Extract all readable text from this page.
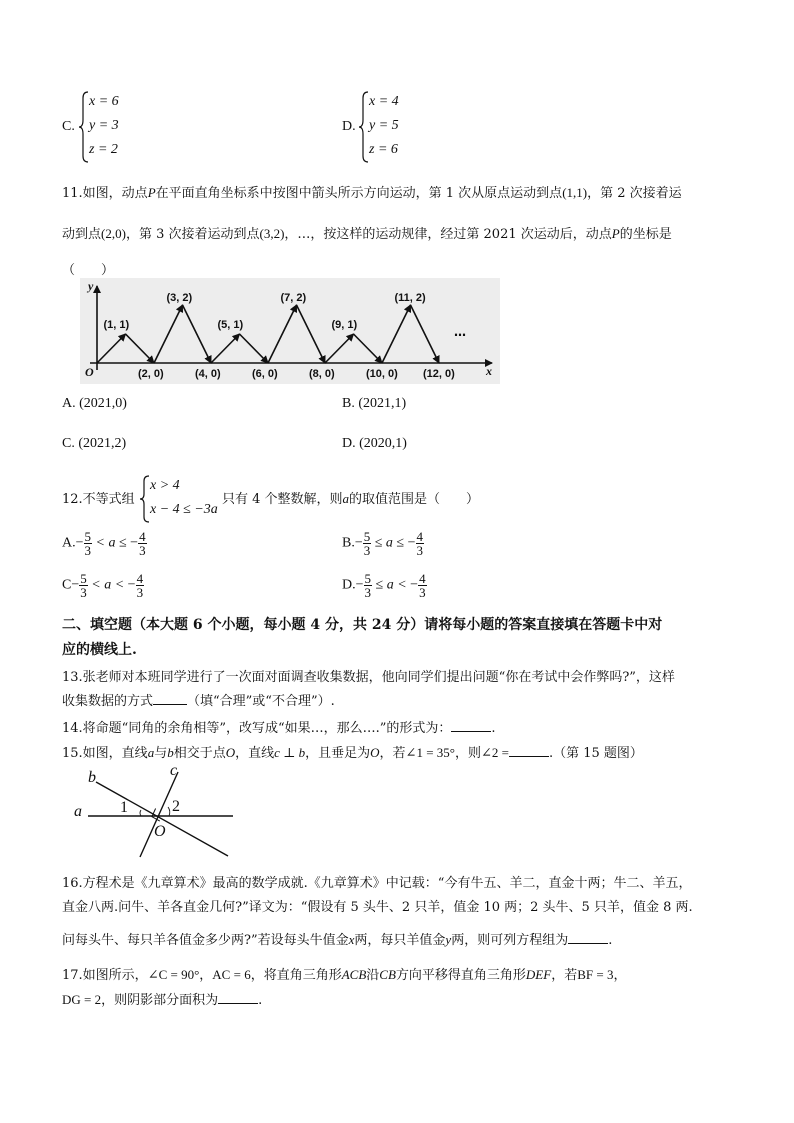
C.
x = 6
y = 3
z = 2
D.
x = 4
y = 5
z = 6
11.如图，动点P在平面直角坐标系中按图中箭头所示方向运动，第 1 次从原点运动到点(1,1)，第 2 次接着运
动到点(2,0)，第 3 次接着运动到点(3,2)，…，按这样的运动规律，经过第 2021 次运动后，动点P的坐标是
（　　）
y
x
O
…
(1, 1)
(3, 2)
(5, 1)
(7, 2)
(9, 1)
(11, 2)
(2, 0)	(4, 0)	(6, 0)	(8, 0)	(10, 0) (12, 0)
A. (2021,0)	B. (2021,1)
C. (2021,2)	D. (2020,1)
12.不等式组
x > 4
x − 4 ≤ −3a
只有 4 个整数解，则a的取值范围是（　　）
$A.- \frac{5}{3} < a$ ≤ − $\frac{4}{3}$	$B.- \frac{5}{3} \le a$ ≤ − $\frac{4}{3}$
$C- \frac{5}{3} < a$ < − $\frac{4}{3}$	$D.- \frac{5}{3} \le a$ < − $\frac{4}{3}$
二、填空题（本大题 6 个小题，每小题 4 分，共 24 分）请将每小题的答案直接填在答题卡中对
应的横线上.
13.张老师对本班同学进行了一次面对面调查收集数据，他向同学们提出问题“你在考试中会作弊吗?”，这样
收集数据的方式	（填“合理”或“不合理”）.
14.将命题“同角的余角相等”，改写成“如果…，那么….”的形式为：	.
15.如图，直线a与b相交于点O，直线c ⊥ b，且垂足为O，若∠1 = 35°，则∠2 =	.（第 15 题图）
b	c
a 1	2
O
16.方程术是《九章算术》最高的数学成就.《九章算术》中记载：“今有牛五、羊二，直金十两；牛二、羊五，
直金八两.问牛、羊各直金几何?”译文为：“假设有 5 头牛、2 只羊，值金 10 两；2 头牛、5 只羊，值金 8 两.
问每头牛、每只羊各值金多少两?”若设每头牛值金x两，每只羊值金y两，则可列方程组为	.
17.如图所示，∠C = 90°，AC = 6，将直角三角形ACB沿CB方向平移得直角三角形DEF，若BF = 3，
DG = 2，则阴影部分面积为	.
